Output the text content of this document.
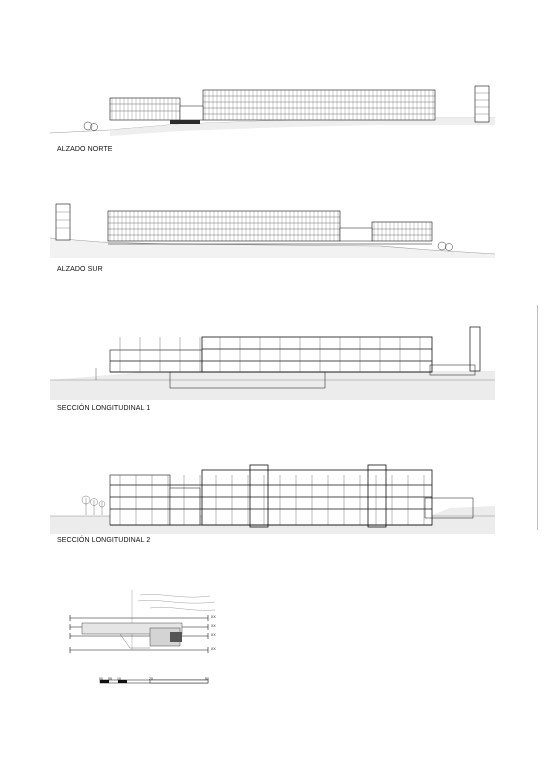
ALZADO NORTE
ALZADO SUR
SECCIÓN LONGITUDINAL 1
SECCIÓN LONGITUDINAL 2
XX
XX
XX
XX
00 05 10	20	50
